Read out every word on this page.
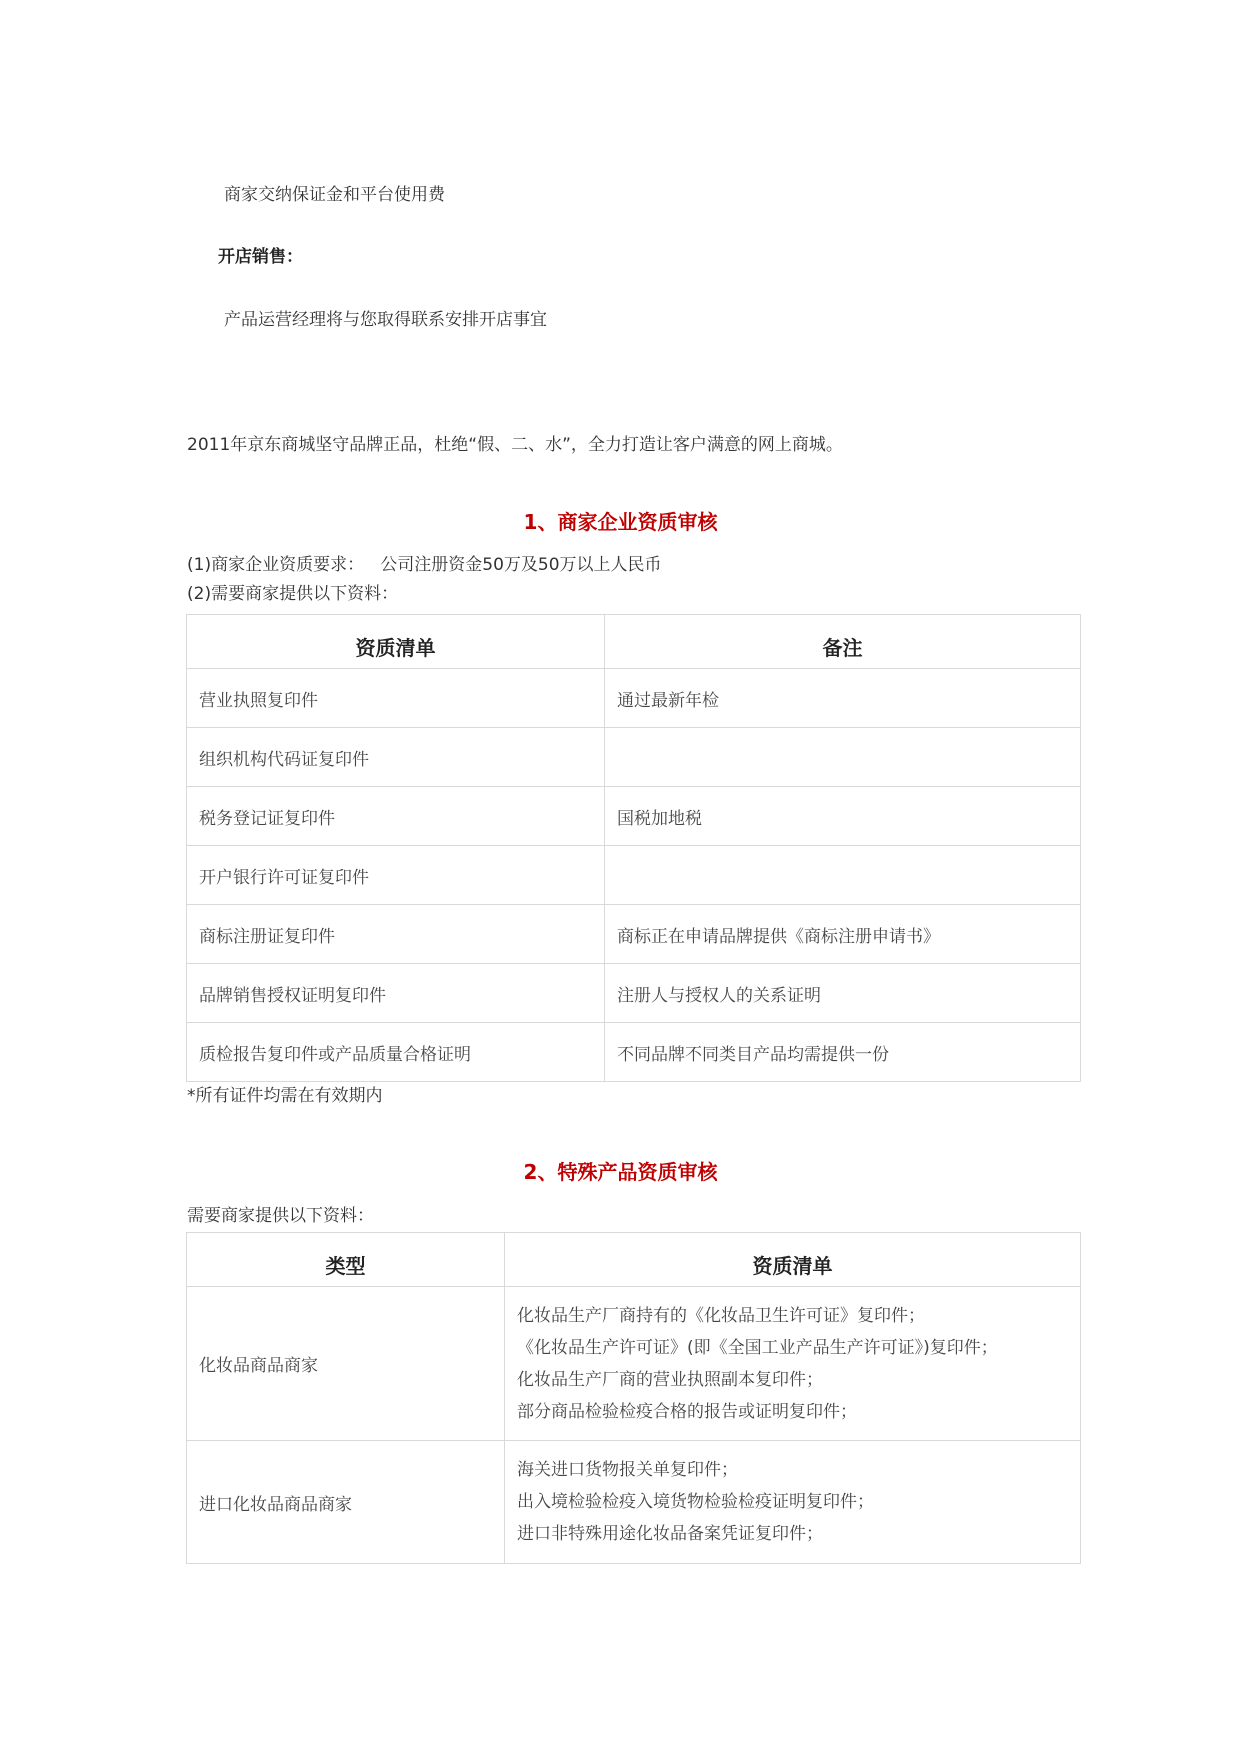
商家交纳保证金和平台使用费
开店销售：
产品运营经理将与您取得联系安排开店事宜
2011年京东商城坚守品牌正品，杜绝“假、二、水”，全力打造让客户满意的网上商城。
1、商家企业资质审核
(1)商家企业资质要求：   公司注册资金50万及50万以上人民币
(2)需要商家提供以下资料：
资质清单	备注
营业执照复印件	通过最新年检
组织机构代码证复印件	
税务登记证复印件	国税加地税
开户银行许可证复印件	
商标注册证复印件	商标正在申请品牌提供《商标注册申请书》
品牌销售授权证明复印件	注册人与授权人的关系证明
质检报告复印件或产品质量合格证明	不同品牌不同类目产品均需提供一份
*所有证件均需在有效期内
2、特殊产品资质审核
需要商家提供以下资料：
类型	资质清单
化妆品商品商家	化妆品生产厂商持有的《化妆品卫生许可证》复印件；
《化妆品生产许可证》(即《全国工业产品生产许可证》)复印件；
化妆品生产厂商的营业执照副本复印件；
部分商品检验检疫合格的报告或证明复印件；

进口化妆品商品商家	海关进口货物报关单复印件；
出入境检验检疫入境货物检验检疫证明复印件；
进口非特殊用途化妆品备案凭证复印件；
